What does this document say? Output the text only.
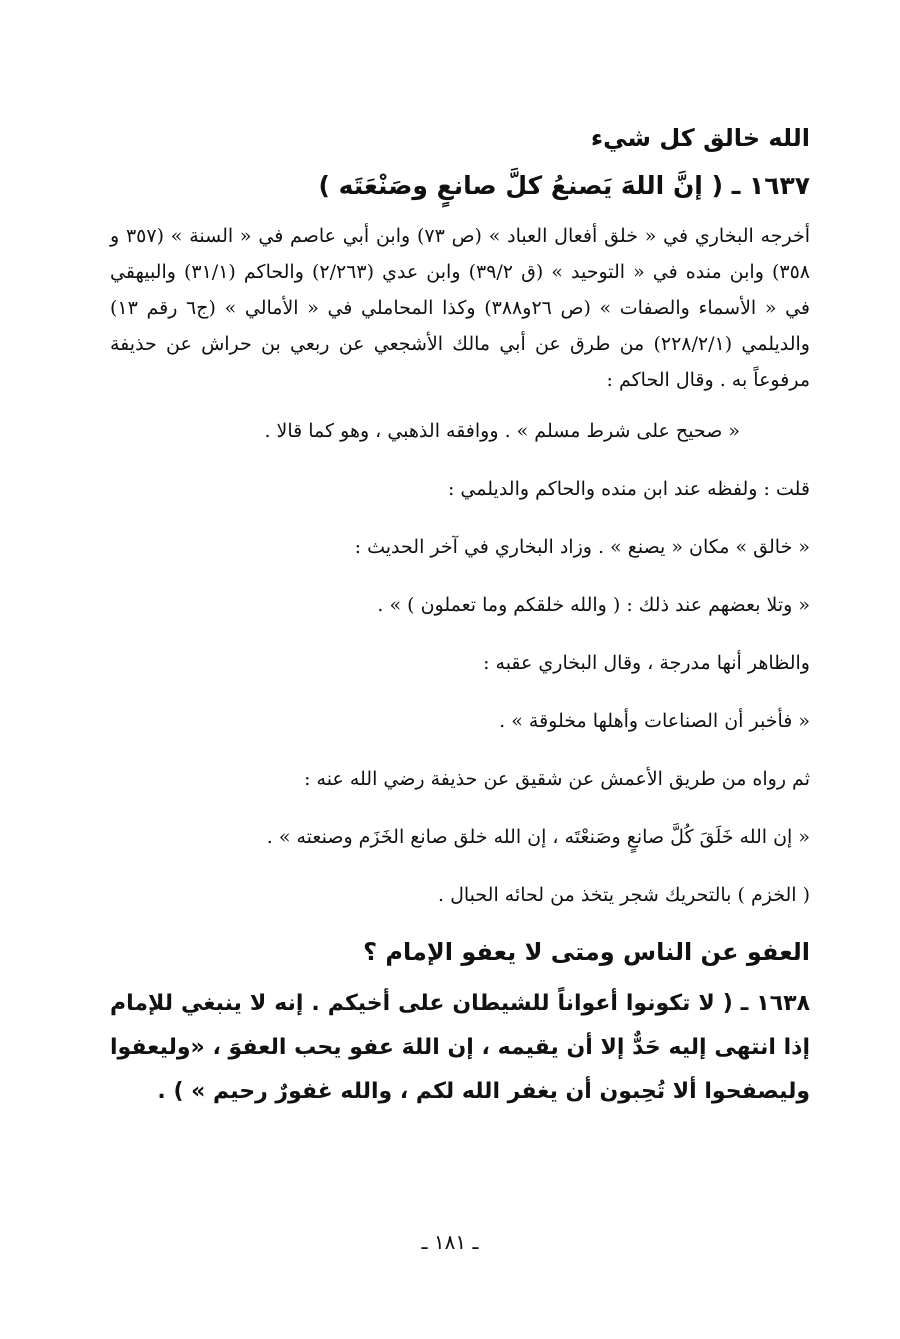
الله خالق كل شيء
١٦٣٧ ـ ( إنَّ اللهَ يَصنعُ كلَّ صانعٍ وصَنْعَتَه )

أخرجه البخاري في « خلق أفعال العباد » (ص ٧٣) وابن أبي عاصم في « السنة » (٣٥٧ و ٣٥٨) وابن منده في « التوحيد » (ق ٣٩/٢) وابن عدي (٢/٢٦٣) والحاكم (٣١/١) والبيهقي في « الأسماء والصفات » (ص ٢٦و٣٨٨) وكذا المحاملي في « الأمالي » (ج٦ رقم ١٣) والديلمي (٢٢٨/٢/١) من طرق عن أبي مالك الأشجعي عن ربعي بن حراش عن حذيفة مرفوعاً به . وقال الحاكم :

« صحيح على شرط مسلم » . ووافقه الذهبي ، وهو كما قالا .
قلت : ولفظه عند ابن منده والحاكم والديلمي :
« خالق » مكان « يصنع » . وزاد البخاري في آخر الحديث :
« وتلا بعضهم عند ذلك : ( والله خلقكم وما تعملون ) » .
والظاهر أنها مدرجة ، وقال البخاري عقبه :
« فأخبر أن الصناعات وأهلها مخلوقة » .
ثم رواه من طريق الأعمش عن شقيق عن حذيفة رضي الله عنه :
« إن الله خَلَقَ كُلَّ صانعٍ وصَنعْتَه ، إن الله خلق صانع الخَزَم وصنعته » .
( الخزم ) بالتحريك شجر يتخذ من لحائه الحبال .
العفو عن الناس ومتى لا يعفو الإمام ؟

١٦٣٨ ـ ( لا تكونوا أعواناً للشيطان على أخيكم . إنه لا ينبغي للإمام إذا انتهى إليه حَدٌّ إلا أن يقيمه ، إن اللهَ عفو يحب العفوَ ، «وليعفوا وليصفحوا ألا تُحِبون أن يغفر الله لكم ، والله غفورٌ رحيم » ) .

ـ ١٨١ ـ
